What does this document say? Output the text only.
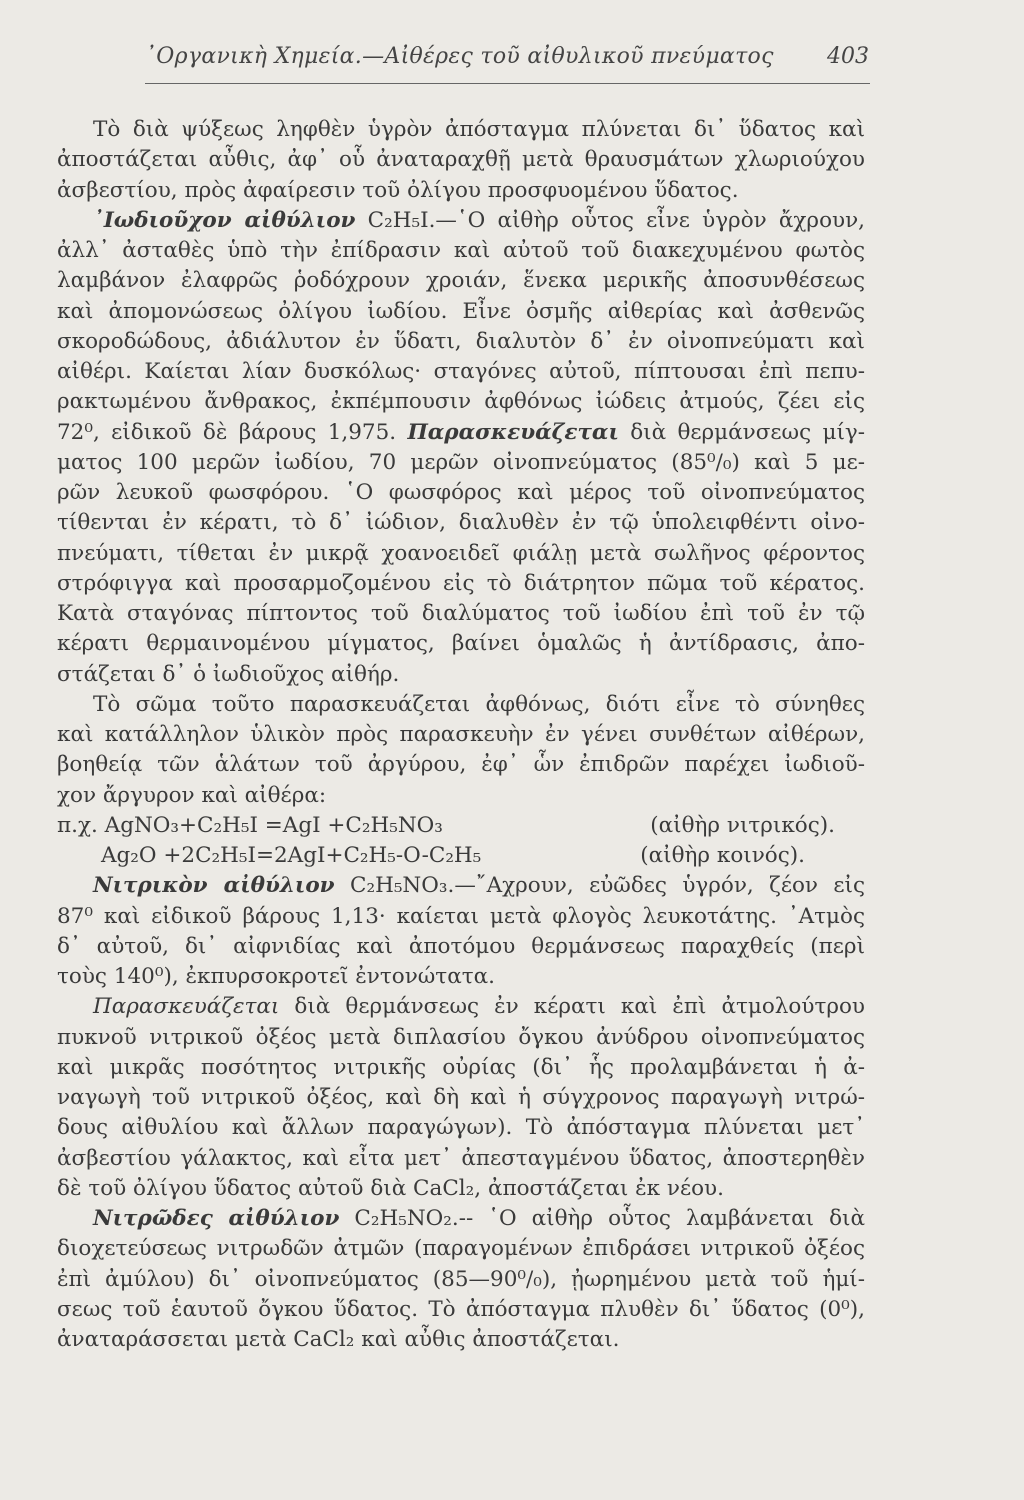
᾿Οργανικὴ Χημεία.—Αἰθέρες τοῦ αἰθυλικοῦ πνεύματος 403
Τὸ διὰ ψύξεως ληφθὲν ὑγρὸν ἀπόσταγμα πλύνεται δι᾿ ὕδατος καὶ
ἀποστάζεται αὖθις, ἀφ᾿ οὗ ἀναταραχθῇ μετὰ θραυσμάτων χλωριούχου
ἀσβεστίου, πρὸς ἀφαίρεσιν τοῦ ὀλίγου προσφυομένου ὕδατος.
᾿Ιωδιοῦχον αἰθύλιον C₂H₅I.—῾Ο αἰθὴρ οὗτος εἶνε ὑγρὸν ἄχρουν,
ἀλλ᾿ ἀσταθὲς ὑπὸ τὴν ἐπίδρασιν καὶ αὐτοῦ τοῦ διακεχυμένου φωτὸς
λαμβάνον ἐλαφρῶς ῥοδόχρουν χροιάν, ἕνεκα μερικῆς ἀποσυνθέσεως
καὶ ἀπομονώσεως ὀλίγου ἰωδίου. Εἶνε ὀσμῆς αἰθερίας καὶ ἀσθενῶς
σκοροδώδους, ἀδιάλυτον ἐν ὕδατι, διαλυτὸν δ᾿ ἐν οἰνοπνεύματι καὶ
αἰθέρι. Καίεται λίαν δυσκόλως· σταγόνες αὐτοῦ, πίπτουσαι ἐπὶ πεπυ-
ρακτωμένου ἄνθρακος, ἐκπέμπουσιν ἀφθόνως ἰώδεις ἀτμούς, ζέει εἰς
72⁰, εἰδικοῦ δὲ βάρους 1,975. Παρασκευάζεται διὰ θερμάνσεως μίγ-
ματος 100 μερῶν ἰωδίου, 70 μερῶν οἰνοπνεύματος (85⁰/₀) καὶ 5 με-
ρῶν λευκοῦ φωσφόρου. ῾Ο φωσφόρος καὶ μέρος τοῦ οἰνοπνεύματος
τίθενται ἐν κέρατι, τὸ δ᾿ ἰώδιον, διαλυθὲν ἐν τῷ ὑπολειφθέντι οἰνο-
πνεύματι, τίθεται ἐν μικρᾷ χοανοειδεῖ φιάλῃ μετὰ σωλῆνος φέροντος
στρόφιγγα καὶ προσαρμοζομένου εἰς τὸ διάτρητον πῶμα τοῦ κέρατος.
Κατὰ σταγόνας πίπτοντος τοῦ διαλύματος τοῦ ἰωδίου ἐπὶ τοῦ ἐν τῷ
κέρατι θερμαινομένου μίγματος, βαίνει ὁμαλῶς ἡ ἀντίδρασις, ἀπο-
στάζεται δ᾿ ὁ ἰωδιοῦχος αἰθήρ.
Τὸ σῶμα τοῦτο παρασκευάζεται ἀφθόνως, διότι εἶνε τὸ σύνηθες
καὶ κατάλληλον ὑλικὸν πρὸς παρασκευὴν ἐν γένει συνθέτων αἰθέρων,
βοηθείᾳ τῶν ἁλάτων τοῦ ἀργύρου, ἐφ᾿ ὧν ἐπιδρῶν παρέχει ἰωδιοῦ-
χον ἄργυρον καὶ αἰθέρα:
π.χ. AgNO₃+C₂H₅I =AgI +C₂H₅NO₃	(αἰθὴρ νιτρικός).
Ag₂O +2C₂H₅I=2AgI+C₂H₅-O-C₂H₅	(αἰθὴρ κοινός).
Νιτρικὸν αἰθύλιον C₂H₅NO₃.—῎Αχρουν, εὐῶδες ὑγρόν, ζέον εἰς
87⁰ καὶ εἰδικοῦ βάρους 1,13· καίεται μετὰ φλογὸς λευκοτάτης. ᾿Ατμὸς
δ᾿ αὐτοῦ, δι᾿ αἰφνιδίας καὶ ἀποτόμου θερμάνσεως παραχθείς (περὶ
τοὺς 140⁰), ἐκπυρσοκροτεῖ ἐντονώτατα.
Παρασκευάζεται διὰ θερμάνσεως ἐν κέρατι καὶ ἐπὶ ἀτμολούτρου
πυκνοῦ νιτρικοῦ ὀξέος μετὰ διπλασίου ὄγκου ἀνύδρου οἰνοπνεύματος
καὶ μικρᾶς ποσότητος νιτρικῆς οὐρίας (δι᾿ ἧς προλαμβάνεται ἡ ἀ-
ναγωγὴ τοῦ νιτρικοῦ ὀξέος, καὶ δὴ καὶ ἡ σύγχρονος παραγωγὴ νιτρώ-
δους αἰθυλίου καὶ ἄλλων παραγώγων). Τὸ ἀπόσταγμα πλύνεται μετ᾿
ἀσβεστίου γάλακτος, καὶ εἶτα μετ᾿ ἀπεσταγμένου ὕδατος, ἀποστερηθὲν
δὲ τοῦ ὀλίγου ὕδατος αὐτοῦ διὰ CaCl₂, ἀποστάζεται ἐκ νέου.
Νιτρῶδες αἰθύλιον C₂H₅NO₂.-- ῾Ο αἰθὴρ οὗτος λαμβάνεται διὰ
διοχετεύσεως νιτρωδῶν ἀτμῶν (παραγομένων ἐπιδράσει νιτρικοῦ ὀξέος
ἐπὶ ἀμύλου) δι᾿ οἰνοπνεύματος (85—90⁰/₀), ᾐωρημένου μετὰ τοῦ ἡμί-
σεως τοῦ ἑαυτοῦ ὄγκου ὕδατος. Τὸ ἀπόσταγμα πλυθὲν δι᾿ ὕδατος (0⁰),
ἀναταράσσεται μετὰ CaCl₂ καὶ αὖθις ἀποστάζεται.
